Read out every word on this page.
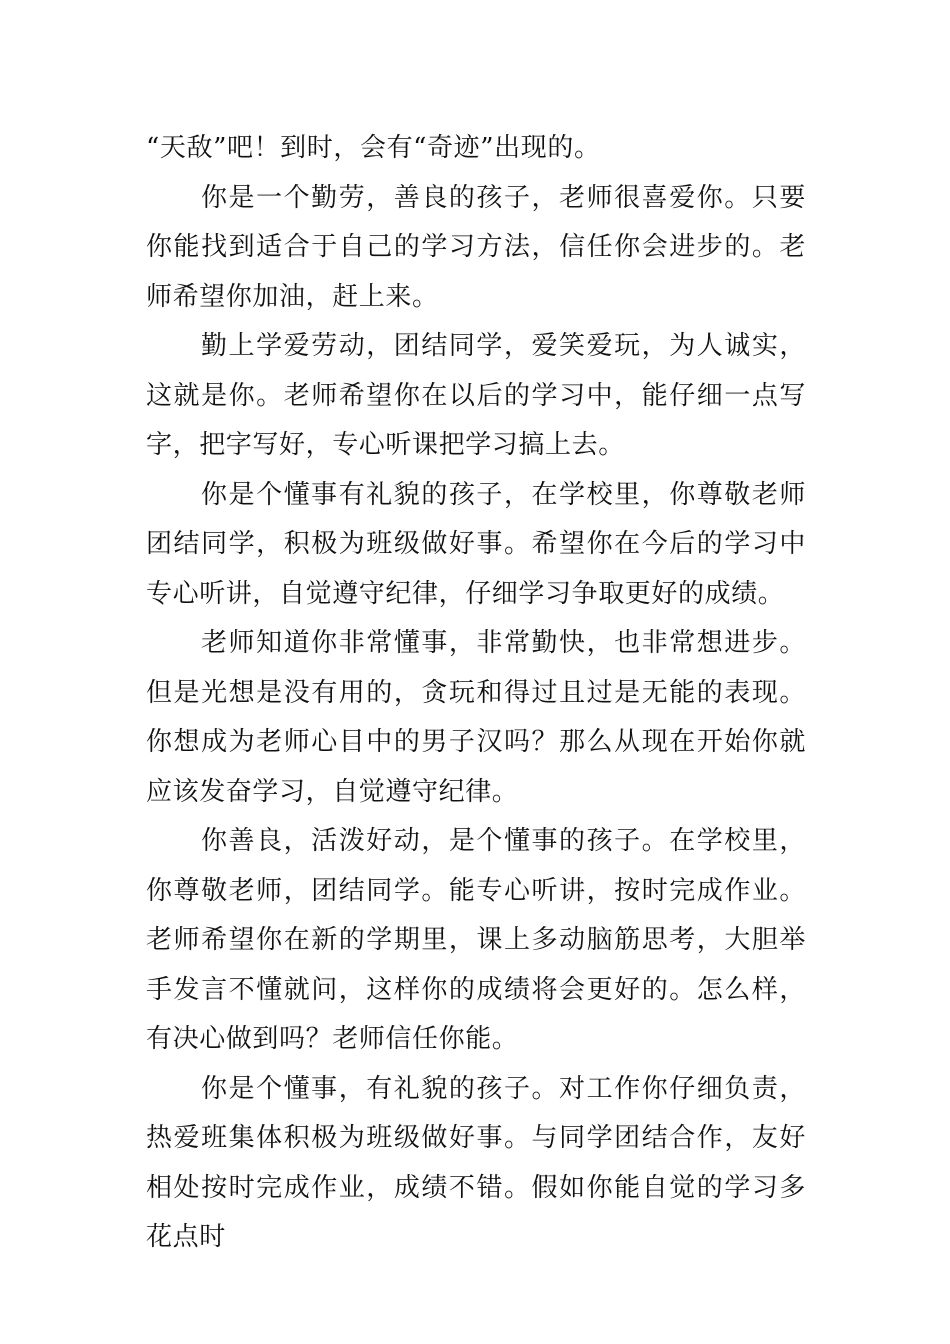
“天敌”吧！到时，会有“奇迹”出现的。

你是一个勤劳，善良的孩子，老师很喜爱你。只要你能找到适合于自己的学习方法，信任你会进步的。老师希望你加油，赶上来。

勤上学爱劳动，团结同学，爱笑爱玩，为人诚实，这就是你。老师希望你在以后的学习中，能仔细一点写字，把字写好，专心听课把学习搞上去。

你是个懂事有礼貌的孩子，在学校里，你尊敬老师团结同学，积极为班级做好事。希望你在今后的学习中专心听讲，自觉遵守纪律，仔细学习争取更好的成绩。

老师知道你非常懂事，非常勤快，也非常想进步。但是光想是没有用的，贪玩和得过且过是无能的表现。你想成为老师心目中的男子汉吗？那么从现在开始你就应该发奋学习，自觉遵守纪律。

你善良，活泼好动，是个懂事的孩子。在学校里，你尊敬老师，团结同学。能专心听讲，按时完成作业。老师希望你在新的学期里，课上多动脑筋思考，大胆举手发言不懂就问，这样你的成绩将会更好的。怎么样，有决心做到吗？老师信任你能。

你是个懂事，有礼貌的孩子。对工作你仔细负责，热爱班集体积极为班级做好事。与同学团结合作，友好相处按时完成作业，成绩不错。假如你能自觉的学习多花点时
